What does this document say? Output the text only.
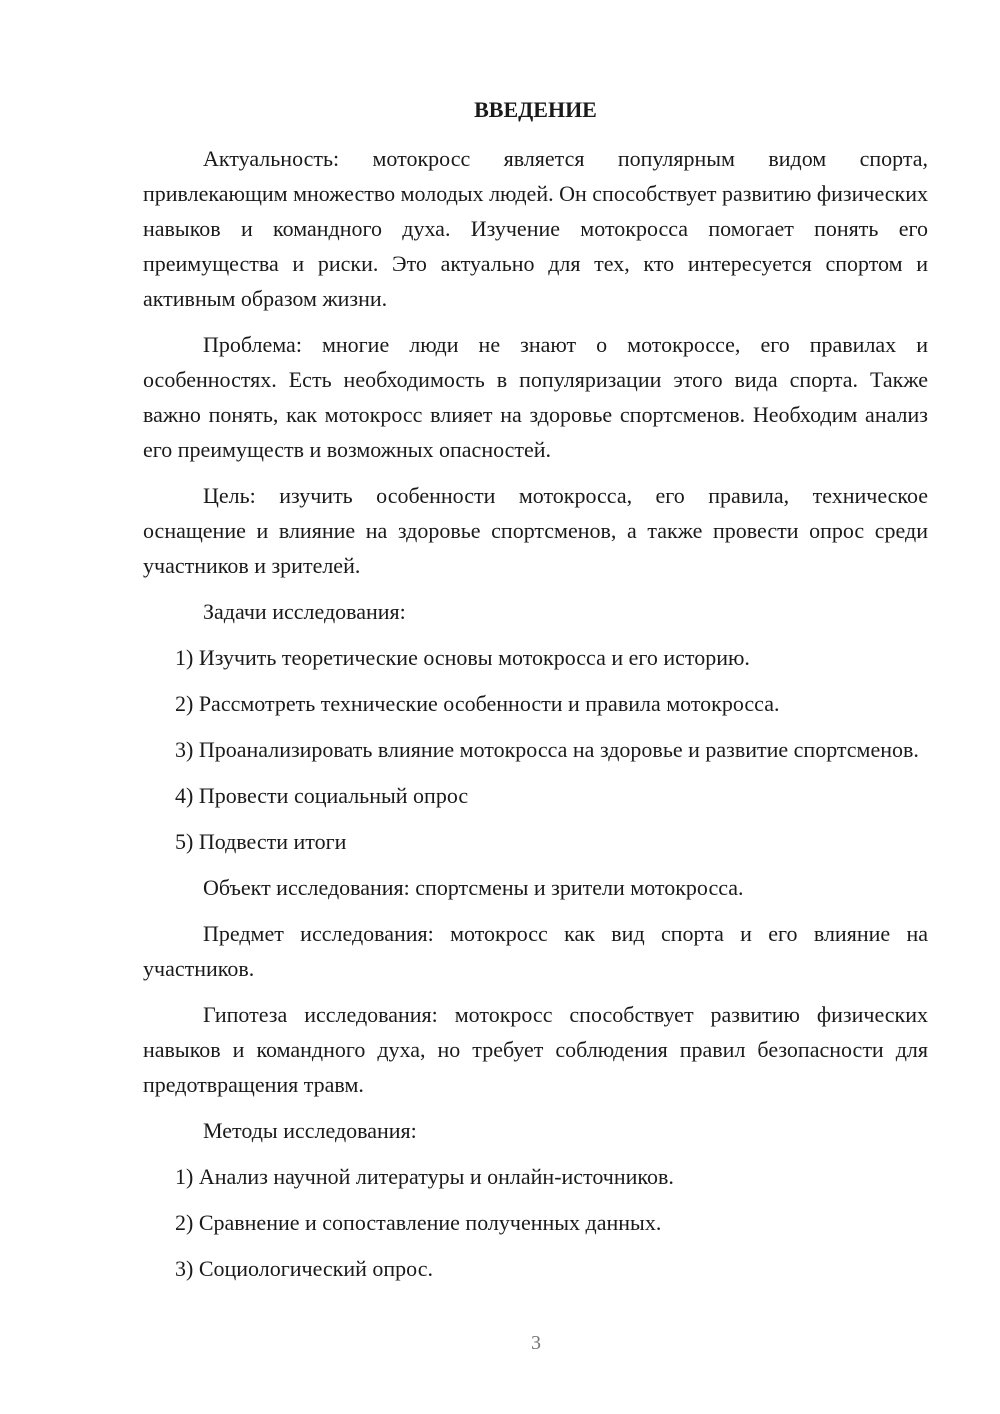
ВВЕДЕНИЕ

Актуальность: мотокросс является популярным видом спорта, привлекающим множество молодых людей. Он способствует развитию физических навыков и командного духа. Изучение мотокросса помогает понять его преимущества и риски. Это актуально для тех, кто интересуется спортом и активным образом жизни.

Проблема: многие люди не знают о мотокроссе, его правилах и особенностях. Есть необходимость в популяризации этого вида спорта. Также важно понять, как мотокросс влияет на здоровье спортсменов. Необходим анализ его преимуществ и возможных опасностей.

Цель: изучить особенности мотокросса, его правила, техническое оснащение и влияние на здоровье спортсменов, а также провести опрос среди участников и зрителей.

Задачи исследования:

1) Изучить теоретические основы мотокросса и его историю.

2) Рассмотреть технические особенности и правила мотокросса.

3) Проанализировать влияние мотокросса на здоровье и развитие спортсменов.

4) Провести социальный опрос

5) Подвести итоги

Объект исследования: спортсмены и зрители мотокросса.

Предмет исследования: мотокросс как вид спорта и его влияние на участников.

Гипотеза исследования: мотокросс способствует развитию физических навыков и командного духа, но требует соблюдения правил безопасности для предотвращения травм.

Методы исследования:

1) Анализ научной литературы и онлайн-источников.

2) Сравнение и сопоставление полученных данных.

3) Социологический опрос.

3
